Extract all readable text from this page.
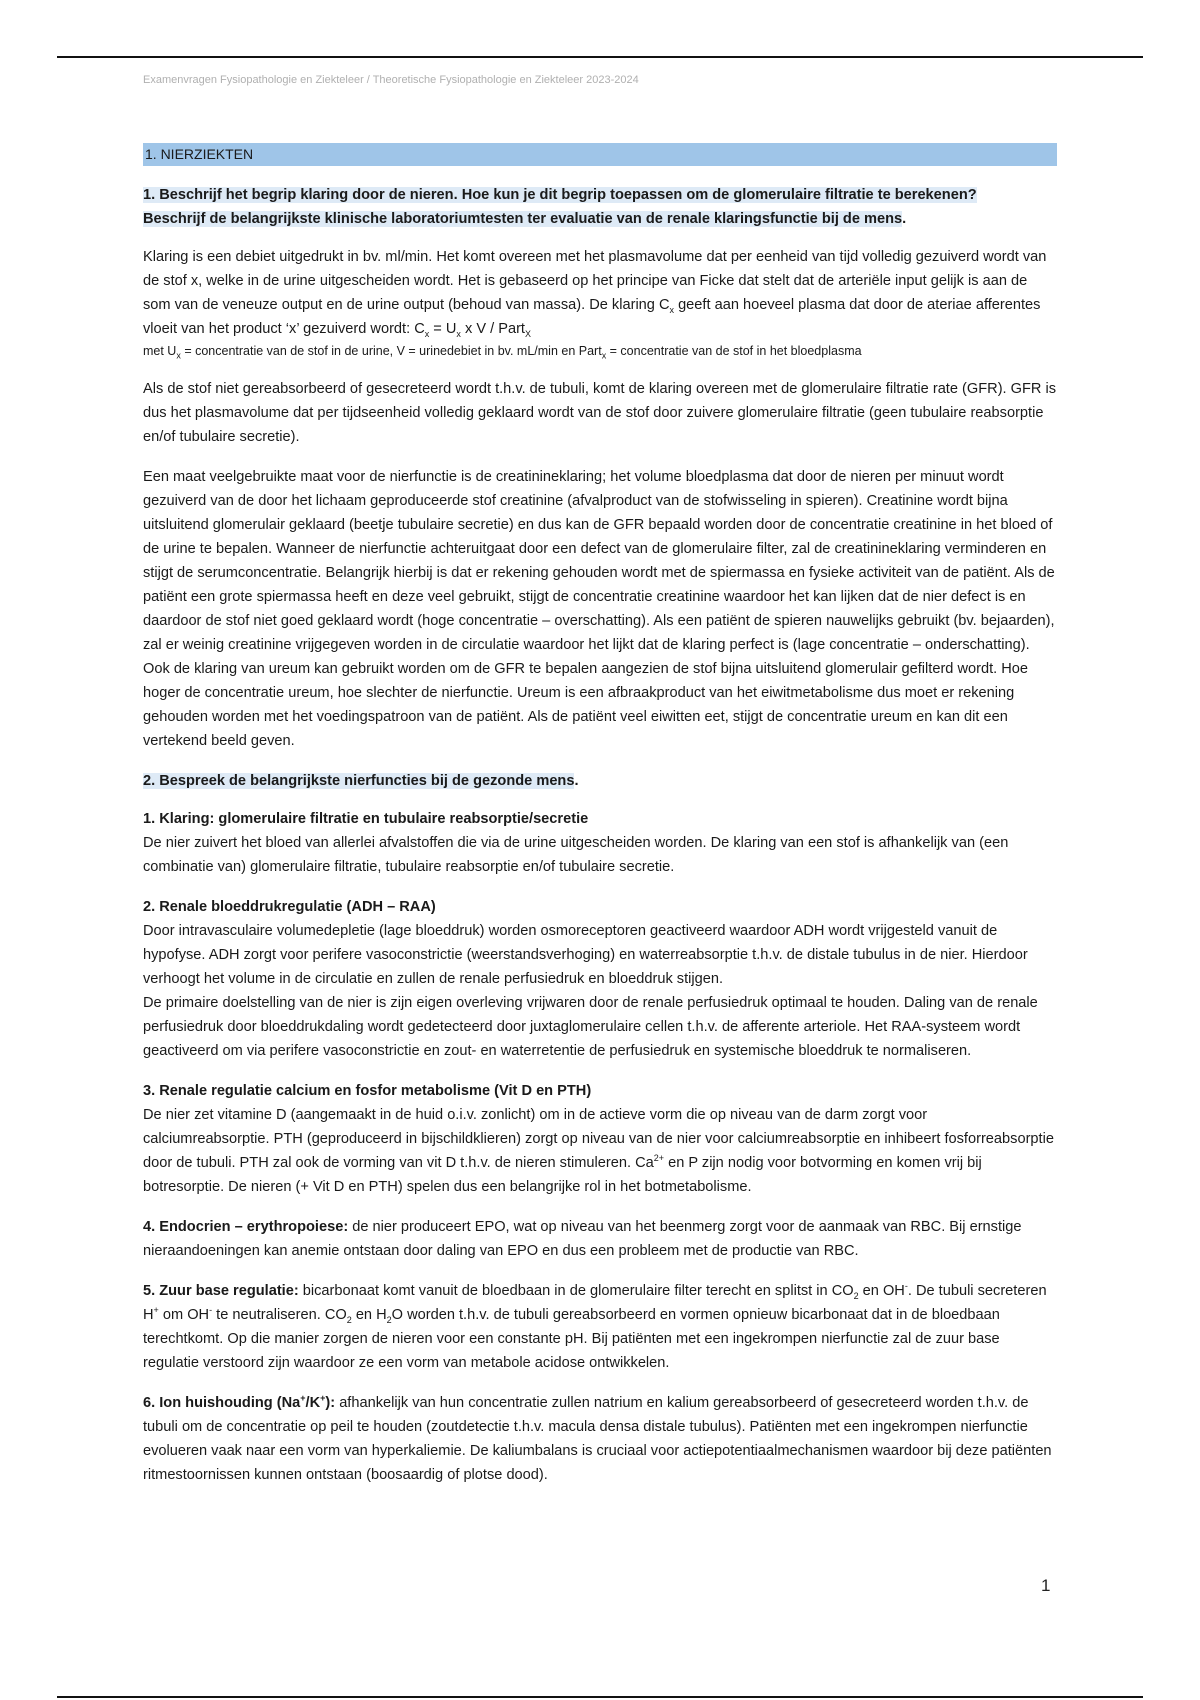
Examenvragen Fysiopathologie en Ziekteleer / Theoretische Fysiopathologie en Ziekteleer 2023-2024
1. NIERZIEKTEN
1. Beschrijf het begrip klaring door de nieren. Hoe kun je dit begrip toepassen om de glomerulaire filtratie te berekenen?
Beschrijf de belangrijkste klinische laboratoriumtesten ter evaluatie van de renale klaringsfunctie bij de mens.

Klaring is een debiet uitgedrukt in bv. ml/min. Het komt overeen met het plasmavolume dat per eenheid van tijd volledig gezuiverd wordt van de stof x, welke in de urine uitgescheiden wordt. Het is gebaseerd op het principe van Ficke dat stelt dat de arteriële input gelijk is aan de som van de veneuze output en de urine output (behoud van massa). De klaring $C_x$ geeft aan hoeveel plasma dat door de ateriae afferentes vloeit van het product ‘x’ gezuiverd wordt: $C_x = U_x$ x V / Part$_X$

met $U_x$ = concentratie van de stof in de urine, V = urinedebiet in bv. mL/min en Part$_x$ = concentratie van de stof in het bloedplasma

Als de stof niet gereabsorbeerd of gesecreteerd wordt t.h.v. de tubuli, komt de klaring overeen met de glomerulaire filtratie rate (GFR). GFR is dus het plasmavolume dat per tijdseenheid volledig geklaard wordt van de stof door zuivere glomerulaire filtratie (geen tubulaire reabsorptie en/of tubulaire secretie).

Een maat veelgebruikte maat voor de nierfunctie is de creatinineklaring; het volume bloedplasma dat door de nieren per minuut wordt gezuiverd van de door het lichaam geproduceerde stof creatinine (afvalproduct van de stofwisseling in spieren). Creatinine wordt bijna uitsluitend glomerulair geklaard (beetje tubulaire secretie) en dus kan de GFR bepaald worden door de concentratie creatinine in het bloed of de urine te bepalen. Wanneer de nierfunctie achteruitgaat door een defect van de glomerulaire filter, zal de creatinineklaring verminderen en stijgt de serumconcentratie. Belangrijk hierbij is dat er rekening gehouden wordt met de spiermassa en fysieke activiteit van de patiënt. Als de patiënt een grote spiermassa heeft en deze veel gebruikt, stijgt de concentratie creatinine waardoor het kan lijken dat de nier defect is en daardoor de stof niet goed geklaard wordt (hoge concentratie – overschatting). Als een patiënt de spieren nauwelijks gebruikt (bv. bejaarden), zal er weinig creatinine vrijgegeven worden in de circulatie waardoor het lijkt dat de klaring perfect is (lage concentratie – onderschatting). Ook de klaring van ureum kan gebruikt worden om de GFR te bepalen aangezien de stof bijna uitsluitend glomerulair gefilterd wordt. Hoe hoger de concentratie ureum, hoe slechter de nierfunctie. Ureum is een afbraakproduct van het eiwitmetabolisme dus moet er rekening gehouden worden met het voedingspatroon van de patiënt. Als de patiënt veel eiwitten eet, stijgt de concentratie ureum en kan dit een vertekend beeld geven.

2. Bespreek de belangrijkste nierfuncties bij de gezonde mens.
1. Klaring: glomerulaire filtratie en tubulaire reabsorptie/secretie
De nier zuivert het bloed van allerlei afvalstoffen die via de urine uitgescheiden worden. De klaring van een stof is afhankelijk van (een combinatie van) glomerulaire filtratie, tubulaire reabsorptie en/of tubulaire secretie.
2. Renale bloeddrukregulatie (ADH – RAA)
Door intravasculaire volumedepletie (lage bloeddruk) worden osmoreceptoren geactiveerd waardoor ADH wordt vrijgesteld vanuit de hypofyse. ADH zorgt voor perifere vasoconstrictie (weerstandsverhoging) en waterreabsorptie t.h.v. de distale tubulus in de nier. Hierdoor verhoogt het volume in de circulatie en zullen de renale perfusiedruk en bloeddruk stijgen.
De primaire doelstelling van de nier is zijn eigen overleving vrijwaren door de renale perfusiedruk optimaal te houden. Daling van de renale perfusiedruk door bloeddrukdaling wordt gedetecteerd door juxtaglomerulaire cellen t.h.v. de afferente arteriole. Het RAA-systeem wordt geactiveerd om via perifere vasoconstrictie en zout- en waterretentie de perfusiedruk en systemische bloeddruk te normaliseren.
3. Renale regulatie calcium en fosfor metabolisme (Vit D en PTH)
De nier zet vitamine D (aangemaakt in de huid o.i.v. zonlicht) om in de actieve vorm die op niveau van de darm zorgt voor calciumreabsorptie. PTH (geproduceerd in bijschildklieren) zorgt op niveau van de nier voor calciumreabsorptie en inhibeert fosforreabsorptie door de tubuli. PTH zal ook de vorming van vit D t.h.v. de nieren stimuleren. $Ca^{2+}$ en P zijn nodig voor botvorming en komen vrij bij botresorptie. De nieren (+ Vit D en PTH) spelen dus een belangrijke rol in het botmetabolisme.
4. Endocrien – erythropoiese: de nier produceert EPO, wat op niveau van het beenmerg zorgt voor de aanmaak van RBC. Bij ernstige nieraandoeningen kan anemie ontstaan door daling van EPO en dus een probleem met de productie van RBC.
5. Zuur base regulatie: bicarbonaat komt vanuit de bloedbaan in de glomerulaire filter terecht en splitst in $CO_2$ en OH-. De tubuli secreteren H+ om OH- te neutraliseren. $CO_2$ en $H_2O$ worden t.h.v. de tubuli gereabsorbeerd en vormen opnieuw bicarbonaat dat in de bloedbaan terechtkomt. Op die manier zorgen de nieren voor een constante pH. Bij patiënten met een ingekrompen nierfunctie zal de zuur base regulatie verstoord zijn waardoor ze een vorm van metabole acidose ontwikkelen.
6. Ion huishouding (Na+/K+): afhankelijk van hun concentratie zullen natrium en kalium gereabsorbeerd of gesecreteerd worden t.h.v. de tubuli om de concentratie op peil te houden (zoutdetectie t.h.v. macula densa distale tubulus). Patiënten met een ingekrompen nierfunctie evolueren vaak naar een vorm van hyperkaliemie. De kaliumbalans is cruciaal voor actiepotentiaalmechanismen waardoor bij deze patiënten ritmestoornissen kunnen ontstaan (boosaardig of plotse dood).
1
